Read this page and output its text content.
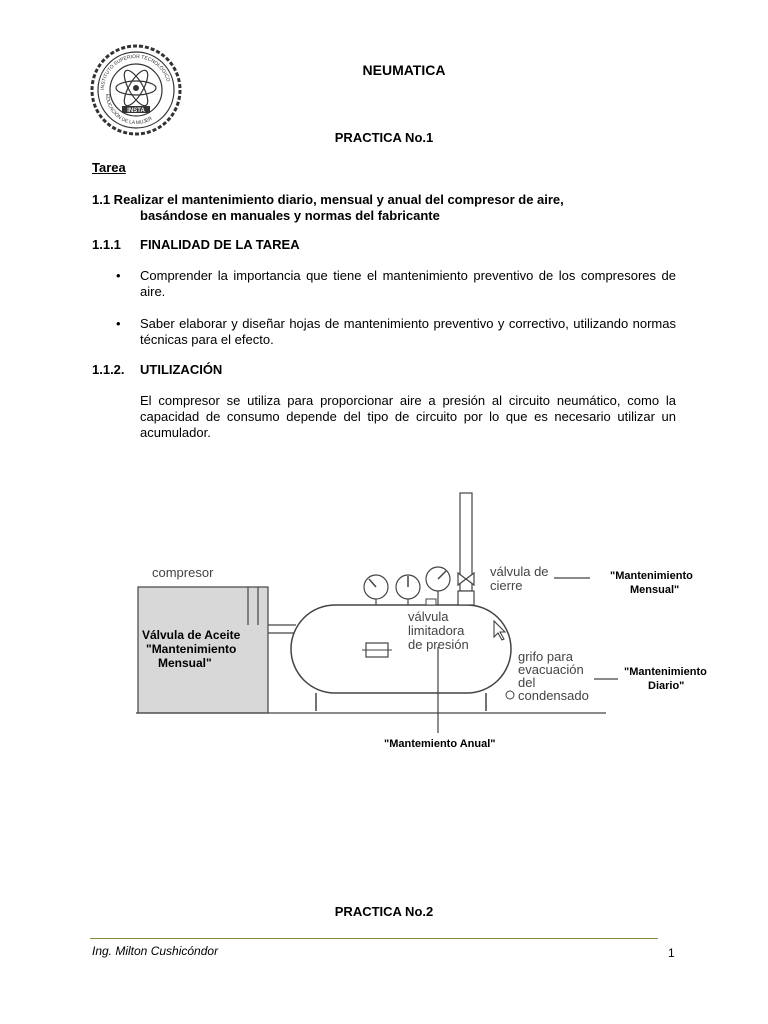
INSTA
INSTITUTO SUPERIOR TECNOLÓGICO
EDUCACIÓN DE LA MUJER
NEUMATICA
PRACTICA No.1
Tarea
1.1 Realizar el mantenimiento diario, mensual y anual del compresor de aire,
basándose en manuales y normas del fabricante
1.1.1 FINALIDAD DE LA TAREA
• Comprender la importancia que tiene el mantenimiento preventivo de los compresores de aire.
• Saber elaborar y diseñar hojas de mantenimiento preventivo y correctivo, utilizando normas técnicas para el efecto.
1.1.2. UTILIZACIÓN
El compresor se utiliza para proporcionar aire a presión al circuito neumático, como la capacidad de consumo depende del tipo de circuito por lo que es necesario utilizar un acumulador.
compresor
Válvula de Aceite
"Mantenimiento
Mensual"
válvula de
cierre
"Mantenimiento
Mensual"
válvula
limitadora
de presión
grifo para
evacuación
del
condensado
"Mantenimiento
Diario"
"Mantemiento Anual"
PRACTICA No.2
Ing. Milton Cushicóndor	1
